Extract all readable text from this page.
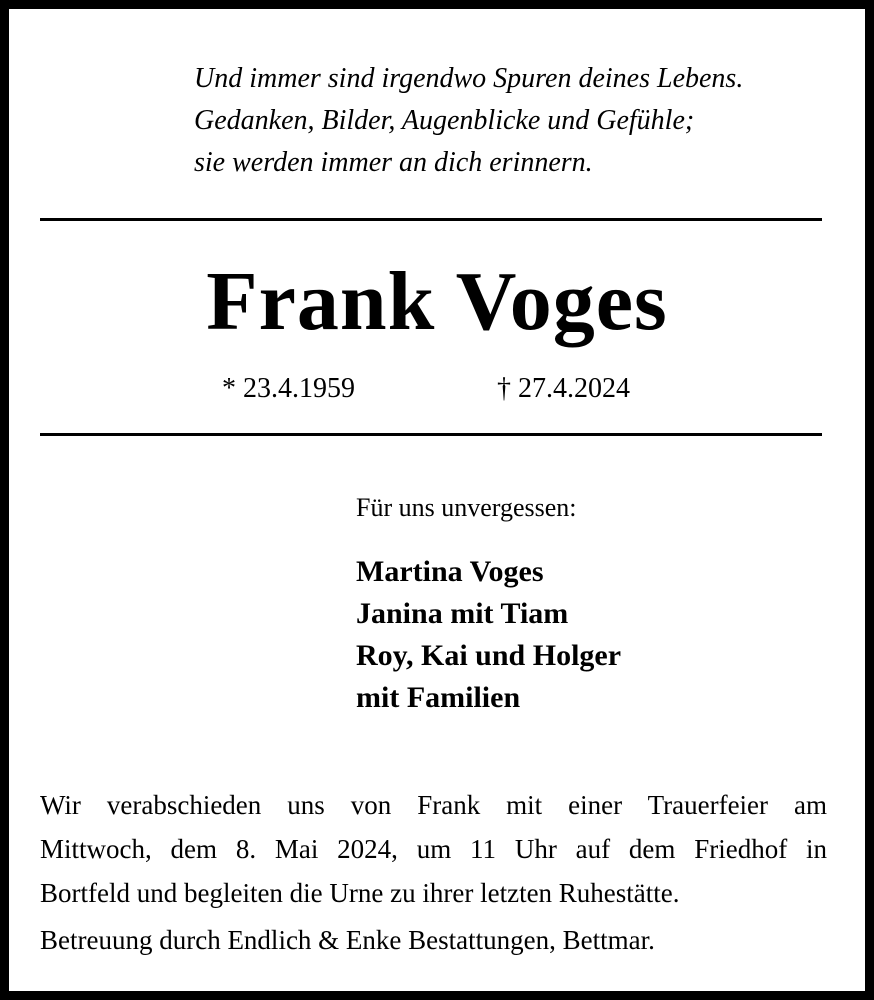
Und immer sind irgendwo Spuren deines Lebens.
Gedanken, Bilder, Augenblicke und Gefühle;
sie werden immer an dich erinnern.
Frank Voges
* 23.4.1959	† 27.4.2024
Für uns unvergessen:
Martina Voges
Janina mit Tiam
Roy, Kai und Holger
mit Familien
Wir verabschieden uns von Frank mit einer Trauerfeier am
Mittwoch, dem 8. Mai 2024, um 11 Uhr auf dem Friedhof in
Bortfeld und begleiten die Urne zu ihrer letzten Ruhestätte.
Betreuung durch Endlich & Enke Bestattungen, Bettmar.
